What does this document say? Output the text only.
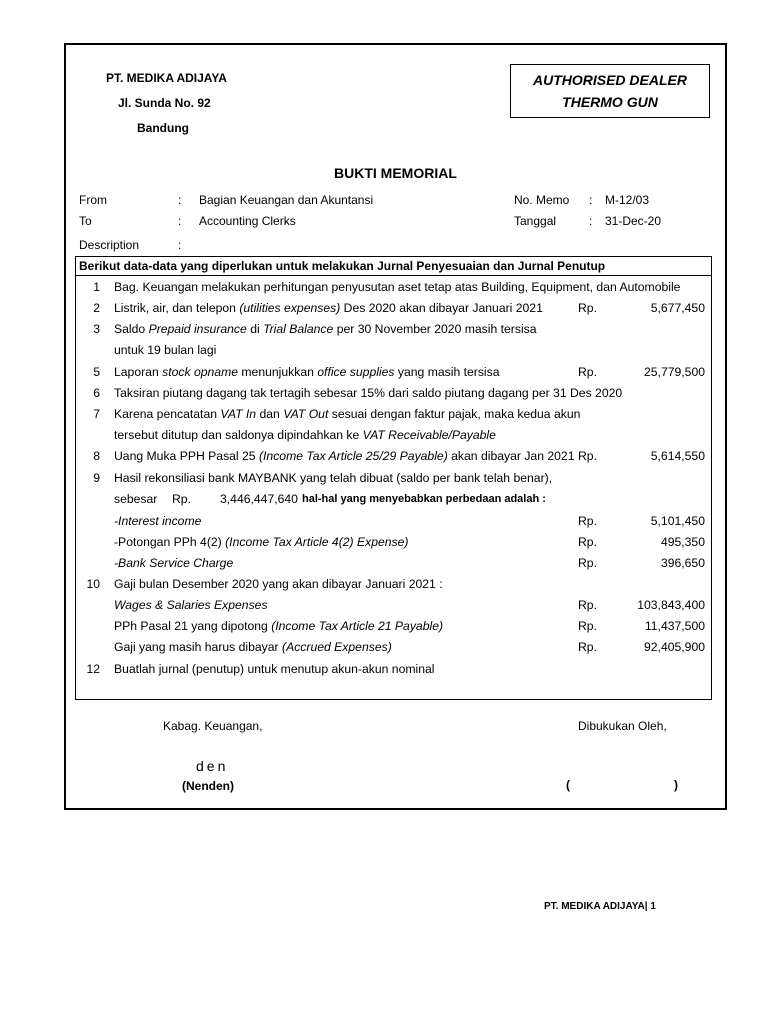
PT. MEDIKA ADIJAYA
Jl. Sunda No. 92
Bandung
AUTHORISED DEALER
THERMO GUN
BUKTI MEMORIAL
From	: Bagian Keuangan dan Akuntansi
To	: Accounting Clerks
Description	:
No. Memo : M-12/03
Tanggal	: 31-Dec-20
Berikut data-data yang diperlukan untuk melakukan Jurnal Penyesuaian dan Jurnal Penutup
1 Bag. Keuangan melakukan perhitungan penyusutan aset tetap atas Building, Equipment, dan Automobile
2 Listrik, air, dan telepon (utilities expenses) Des 2020 akan dibayar Januari 2021	Rp.	5,677,450
3 Saldo Prepaid insurance di Trial Balance per 30 November 2020 masih tersisa
untuk 19 bulan lagi
5 Laporan stock opname menunjukkan office supplies yang masih tersisa	Rp.	25,779,500
6 Taksiran piutang dagang tak tertagih sebesar 15% dari saldo piutang dagang per 31 Des 2020
7 Karena pencatatan VAT In dan VAT Out sesuai dengan faktur pajak, maka kedua akun
tersebut ditutup dan saldonya dipindahkan ke VAT Receivable/Payable
8 Uang Muka PPH Pasal 25 (Income Tax Article 25/29 Payable) akan dibayar Jan 2021 Rp.	5,614,550
9 Hasil rekonsiliasi bank MAYBANK yang telah dibuat (saldo per bank telah benar),
sebesar Rp. 3,446,447,640 hal-hal yang menyebabkan perbedaan adalah :
-Interest income	Rp.	5,101,450
-Potongan PPh 4(2) (Income Tax Article 4(2) Expense)	Rp.	495,350
-Bank Service Charge	Rp.	396,650
10 Gaji bulan Desember 2020 yang akan dibayar Januari 2021 :
Wages & Salaries Expenses	Rp.	103,843,400
PPh Pasal 21 yang dipotong (Income Tax Article 21 Payable)	Rp.	11,437,500
Gaji yang masih harus dibayar (Accrued Expenses)	Rp.	92,405,900
12 Buatlah jurnal (penutup) untuk menutup akun-akun nominal
Kabag. Keuangan,
den
(Nenden)
Dibukukan Oleh,
(	)
PT. MEDIKA ADIJAYA| 1
